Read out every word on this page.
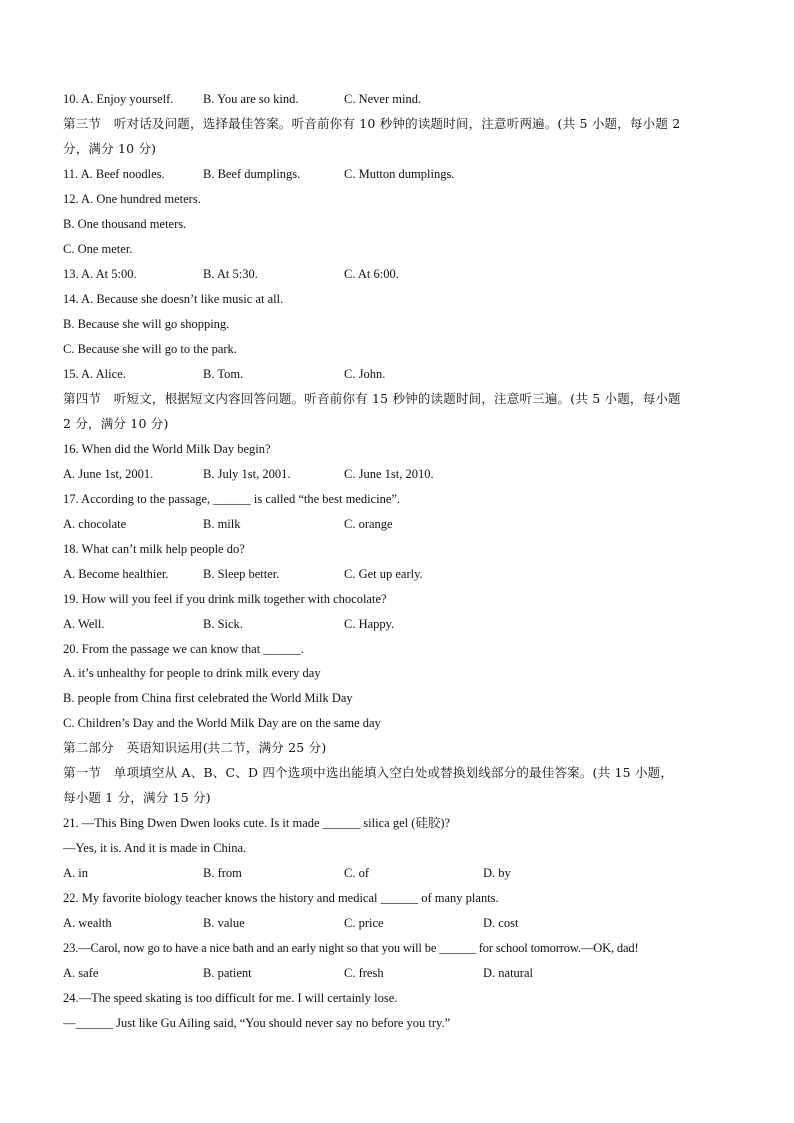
10. A. Enjoy yourself. B. You are so kind.	C. Never mind.
第三节　听对话及问题，选择最佳答案。听音前你有 10 秒钟的读题时间，注意听两遍。(共 5 小题，每小题 2
分，满分 10 分)
11. A. Beef noodles.	B. Beef dumplings.	C. Mutton dumplings.
12. A. One hundred meters.
B. One thousand meters.
C. One meter.
13. A. At 5:00.	B. At 5:30.	C. At 6:00.
14. A. Because she doesn’t like music at all.
B. Because she will go shopping.
C. Because she will go to the park.
15. A. Alice.	B. Tom.	C. John.
第四节　听短文，根据短文内容回答问题。听音前你有 15 秒钟的读题时间，注意听三遍。(共 5 小题，每小题
2 分，满分 10 分)
16. When did the World Milk Day begin?
A. June 1st, 2001.	B. July 1st, 2001.	C. June 1st, 2010.
17. According to the passage, ______ is called “the best medicine”.
A. chocolate	B. milk	C. orange
18. What can’t milk help people do?
A. Become healthier.	B. Sleep better.	C. Get up early.
19. How will you feel if you drink milk together with chocolate?
A. Well.	B. Sick.	C. Happy.
20. From the passage we can know that ______.
A. it’s unhealthy for people to drink milk every day
B. people from China first celebrated the World Milk Day
C. Children’s Day and the World Milk Day are on the same day
第二部分　英语知识运用(共二节，满分 25 分)
第一节　单项填空从 A、B、C、D 四个选项中选出能填入空白处或替换划线部分的最佳答案。(共 15 小题，
每小题 1 分，满分 15 分)
21. —This Bing Dwen Dwen looks cute. Is it made ______ silica gel (硅胶)?
—Yes, it is. And it is made in China.
A. in	B. from	C. of	D. by
22. My favorite biology teacher knows the history and medical ______ of many plants.
A. wealth	B. value	C. price	D. cost
23.—Carol, now go to have a nice bath and an early night so that you will be ______ for school tomorrow.—OK, dad!
A. safe	B. patient	C. fresh	D. natural
24.—The speed skating is too difficult for me. I will certainly lose.
—______ Just like Gu Ailing said, “You should never say no before you try.”
